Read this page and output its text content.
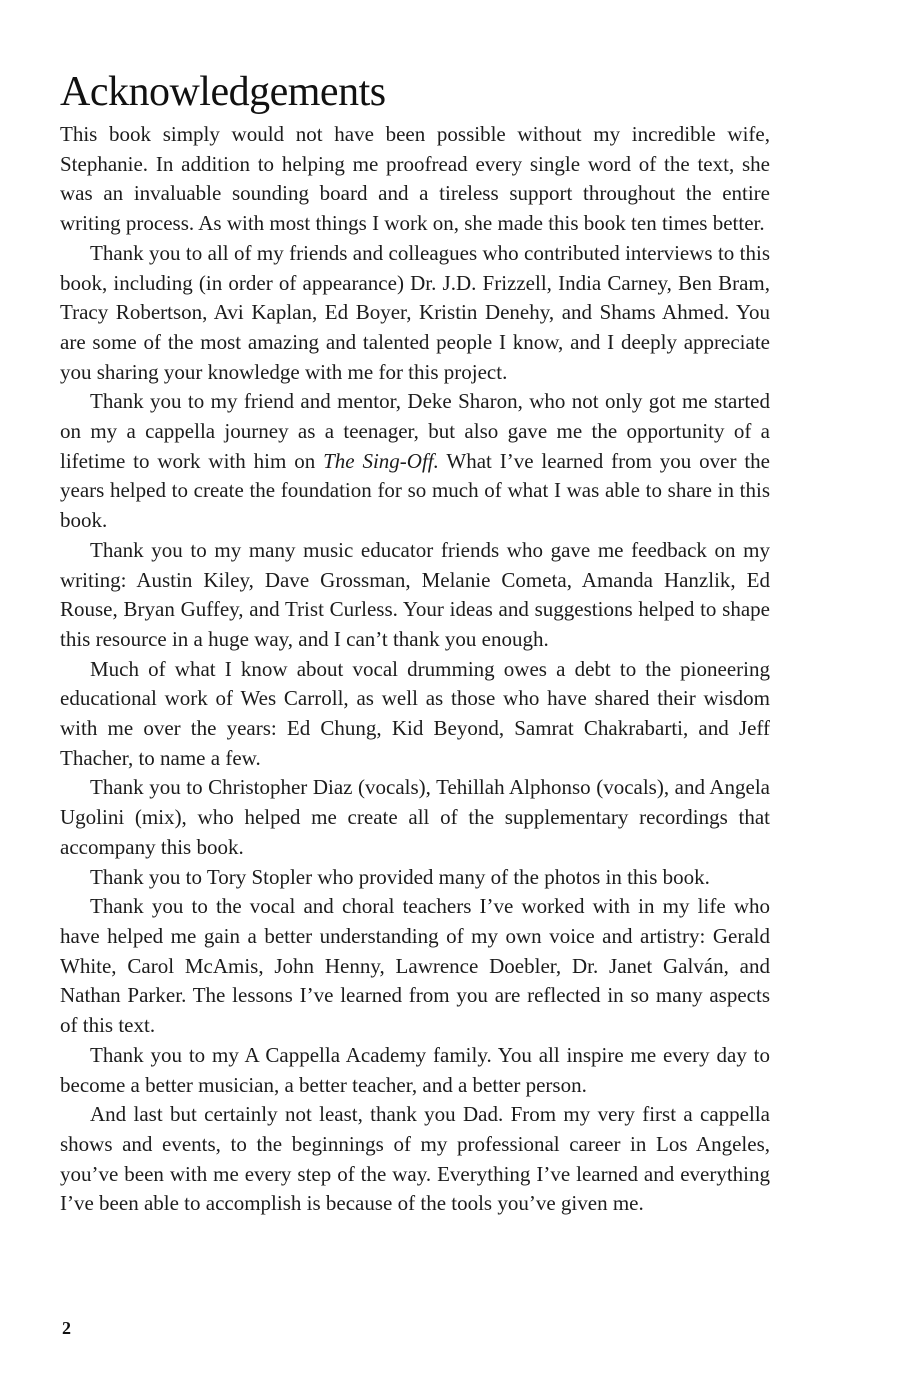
Acknowledgements

This book simply would not have been possible without my incredible wife, Stephanie. In addition to helping me proofread every single word of the text, she was an invaluable sounding board and a tireless support throughout the entire writing process. As with most things I work on, she made this book ten times better.

Thank you to all of my friends and colleagues who contributed interviews to this book, including (in order of appearance) Dr. J.D. Frizzell, India Carney, Ben Bram, Tracy Robertson, Avi Kaplan, Ed Boyer, Kristin Denehy, and Shams Ahmed. You are some of the most amazing and talented people I know, and I deeply appreciate you sharing your knowledge with me for this project.

Thank you to my friend and mentor, Deke Sharon, who not only got me started on my a cappella journey as a teenager, but also gave me the opportunity of a lifetime to work with him on The Sing-Off. What I’ve learned from you over the years helped to create the foundation for so much of what I was able to share in this book.

Thank you to my many music educator friends who gave me feedback on my writing: Austin Kiley, Dave Grossman, Melanie Cometa, Amanda Hanzlik, Ed Rouse, Bryan Guffey, and Trist Curless. Your ideas and suggestions helped to shape this resource in a huge way, and I can’t thank you enough.

Much of what I know about vocal drumming owes a debt to the pioneering educational work of Wes Carroll, as well as those who have shared their wisdom with me over the years: Ed Chung, Kid Beyond, Samrat Chakrabarti, and Jeff Thacher, to name a few.

Thank you to Christopher Diaz (vocals), Tehillah Alphonso (vocals), and Angela Ugolini (mix), who helped me create all of the supplementary recordings that accompany this book.

Thank you to Tory Stopler who provided many of the photos in this book.

Thank you to the vocal and choral teachers I’ve worked with in my life who have helped me gain a better understanding of my own voice and artistry: Gerald White, Carol McAmis, John Henny, Lawrence Doebler, Dr. Janet Galván, and Nathan Parker. The lessons I’ve learned from you are reflected in so many aspects of this text.

Thank you to my A Cappella Academy family. You all inspire me every day to become a better musician, a better teacher, and a better person.

And last but certainly not least, thank you Dad. From my very first a cappella shows and events, to the beginnings of my professional career in Los Angeles, you’ve been with me every step of the way. Everything I’ve learned and everything I’ve been able to accomplish is because of the tools you’ve given me.

2
